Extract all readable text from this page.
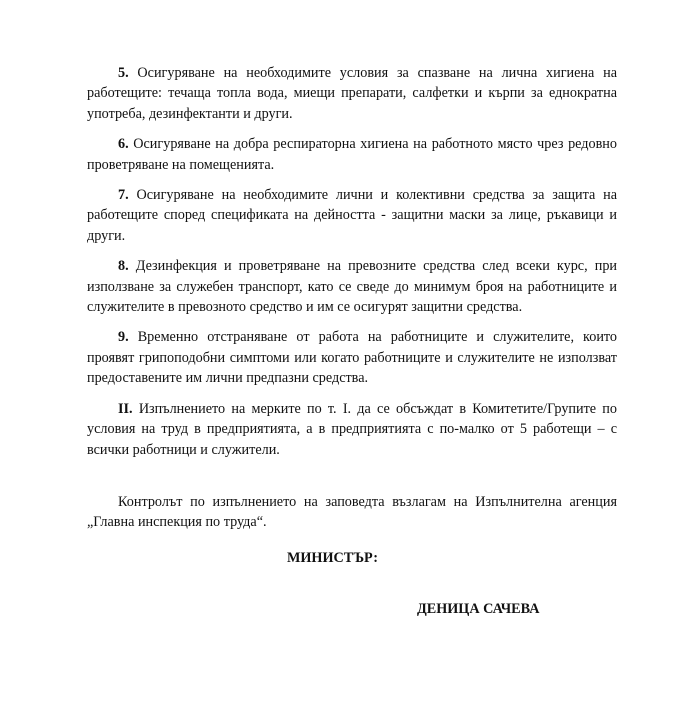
5. Осигуряване на необходимите условия за спазване на лична хигиена на работещите: течаща топла вода, миещи препарати, салфетки и кърпи за еднократна употреба, дезинфектанти и други.

6. Осигуряване на добра респираторна хигиена на работното място чрез редовно проветряване на помещенията.

7. Осигуряване на необходимите лични и колективни средства за защита на работещите според спецификата на дейността - защитни маски за лице, ръкавици и други.

8. Дезинфекция и проветряване на превозните средства след всеки курс, при използване за служебен транспорт, като се сведе до минимум броя на работниците и служителите в превозното средство и им се осигурят защитни средства.

9. Временно отстраняване от работа на работниците и служителите, които проявят грипоподобни симптоми или когато работниците и служителите не използват предоставените им лични предпазни средства.

II. Изпълнението на мерките по т. I. да се обсъждат в Комитетите/Групите по условия на труд в предприятията, а в предприятията с по-малко от 5 работещи – с всички работници и служители.

Контролът по изпълнението на заповедта възлагам на Изпълнителна агенция „Главна инспекция по труда“.

МИНИСТЪР:
ДЕНИЦА САЧЕВА
